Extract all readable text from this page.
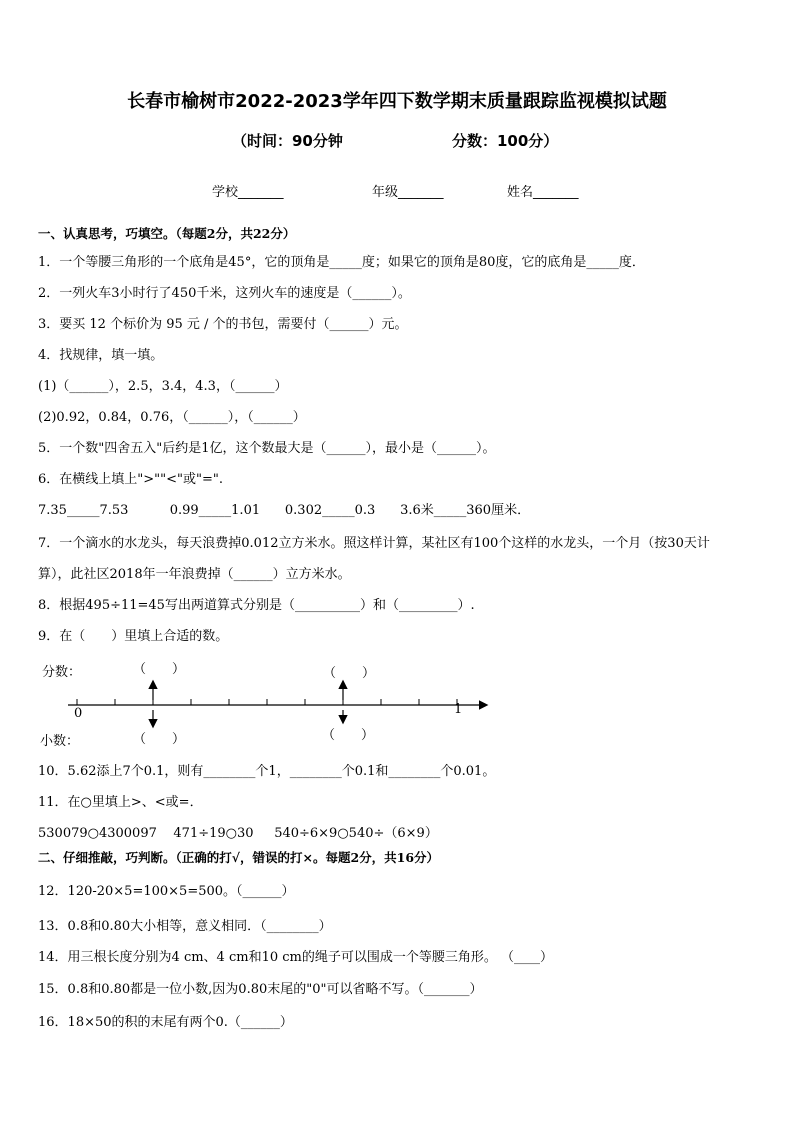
长春市榆树市2022-2023学年四下数学期末质量跟踪监视模拟试题
（时间：90分钟	分数：100分）
学校_______	年级_______	姓名_______
一、认真思考，巧填空。（每题2分，共22分）
1．一个等腰三角形的一个底角是45°，它的顶角是_____度；如果它的顶角是80度，它的底角是_____度．
2．一列火车3小时行了450千米，这列火车的速度是（______）。
3．要买 12 个标价为 95 元 / 个的书包，需要付（______）元。
4．找规律，填一填。
(1)（______），2.5，3.4，4.3，（______）
(2)0.92，0.84，0.76，（______），（______）
5．一个数"四舍五入"后约是1亿，这个数最大是（______），最小是（______）。
6．在横线上填上">""<"或"=".
7.35_____7.53          0.99_____1.01      0.302_____0.3      3.6米_____360厘米．
7．一个滴水的水龙头，每天浪费掉0.012立方米水。照这样计算，某社区有100个这样的水龙头，一个月（按30天计
算），此社区2018年一年浪费掉（______）立方米水。
8．根据495÷11=45写出两道算式分别是（__________）和（_________）.
9．在（　　）里填上合适的数。
分数：
小数：
（　　）	（　　）
（　　）	（　　）
0	1
10．5.62添上7个0.1，则有________个1，________个0.1和________个0.01。
11．在○里填上>、<或=．
530079○4300097    471÷19○30     540÷6×9○540÷（6×9）
二、仔细推敲，巧判断。（正确的打√，错误的打×。每题2分，共16分）
12．120-20×5=100×5=500。（______）
13．0.8和0.80大小相等，意义相同．（________）
14．用三根长度分别为4 cm、4 cm和10 cm的绳子可以围成一个等腰三角形。 （____）
15．0.8和0.80都是一位小数,因为0.80末尾的"0"可以省略不写。（_______）
16．18×50的积的末尾有两个0.（______）
